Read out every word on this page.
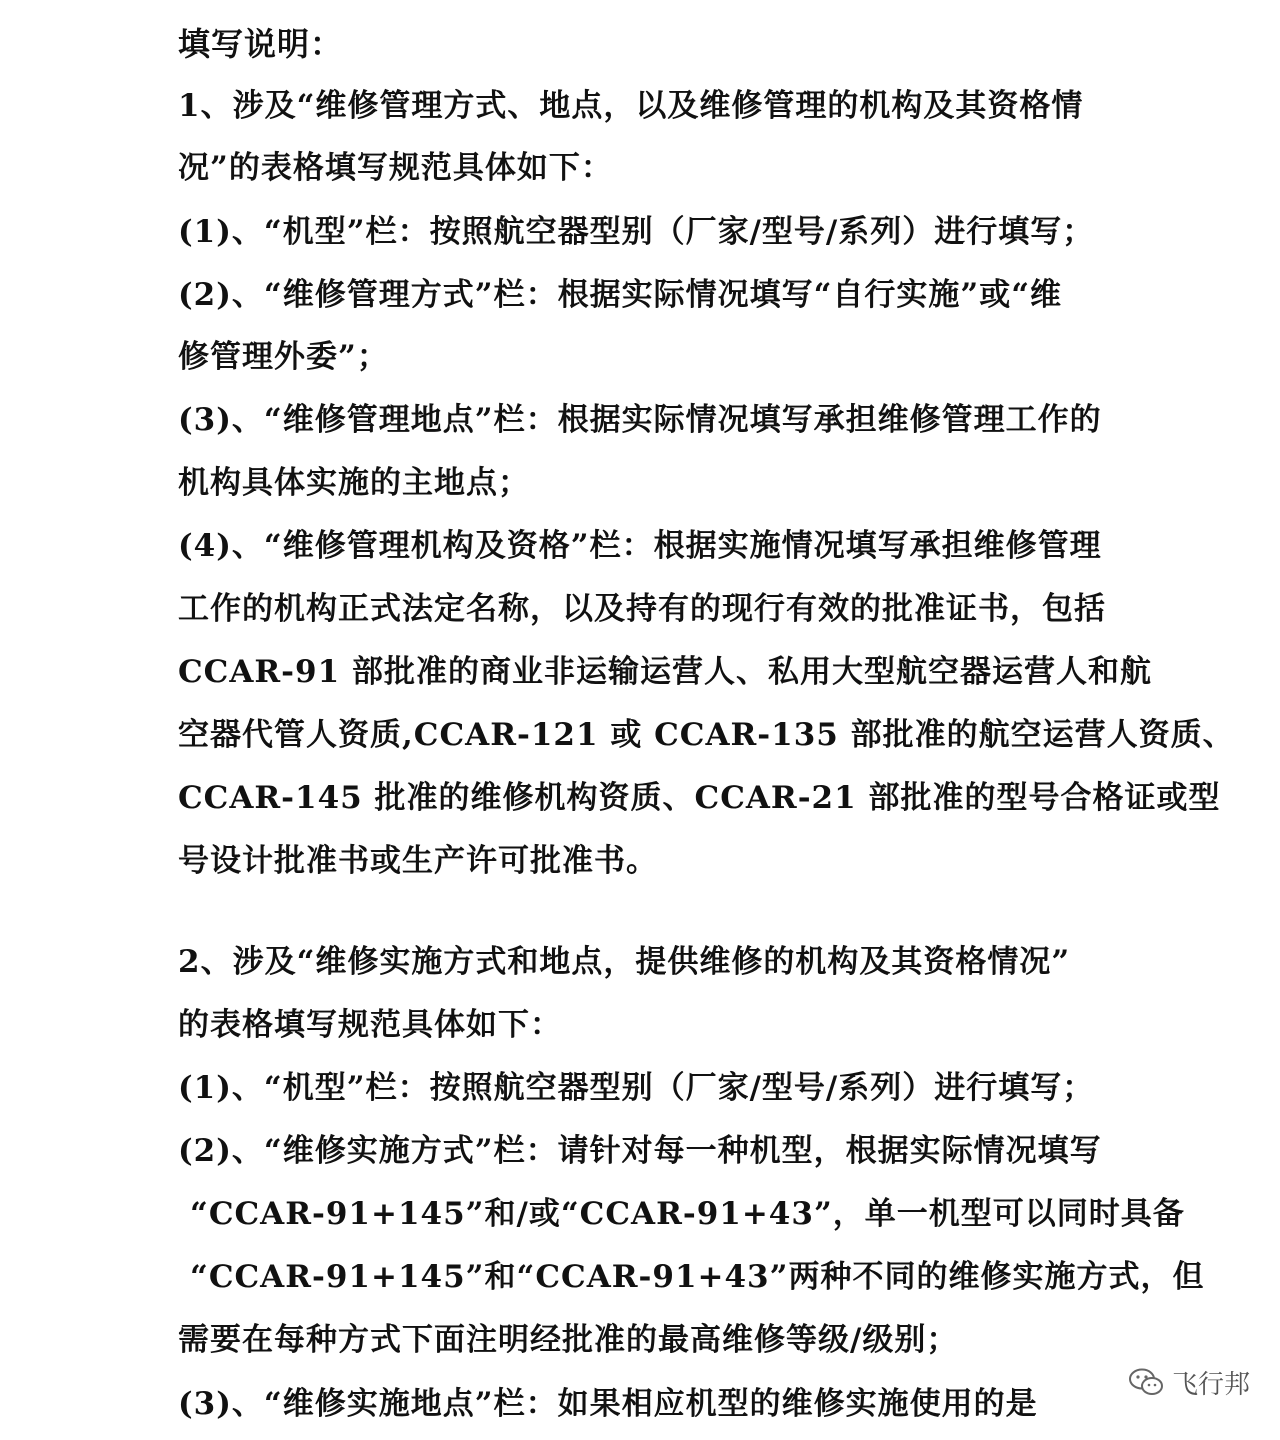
填写说明：
1、涉及“维修管理方式、地点，以及维修管理的机构及其资格情
况”的表格填写规范具体如下：
(1)、“机型”栏：按照航空器型别（厂家/型号/系列）进行填写；
(2)、“维修管理方式”栏：根据实际情况填写“自行实施”或“维
修管理外委”；
(3)、“维修管理地点”栏：根据实际情况填写承担维修管理工作的
机构具体实施的主地点；
(4)、“维修管理机构及资格”栏：根据实施情况填写承担维修管理
工作的机构正式法定名称，以及持有的现行有效的批准证书，包括
CCAR-91 部批准的商业非运输运营人、私用大型航空器运营人和航
空器代管人资质,CCAR-121 或 CCAR-135 部批准的航空运营人资质、
CCAR-145 批准的维修机构资质、CCAR-21 部批准的型号合格证或型
号设计批准书或生产许可批准书。
2、涉及“维修实施方式和地点，提供维修的机构及其资格情况”
的表格填写规范具体如下：
(1)、“机型”栏：按照航空器型别（厂家/型号/系列）进行填写；
(2)、“维修实施方式”栏：请针对每一种机型，根据实际情况填写
“CCAR-91+145”和/或“CCAR-91+43”，单一机型可以同时具备
“CCAR-91+145”和“CCAR-91+43”两种不同的维修实施方式，但
需要在每种方式下面注明经批准的最高维修等级/级别；
(3)、“维修实施地点”栏：如果相应机型的维修实施使用的是
飞行邦
